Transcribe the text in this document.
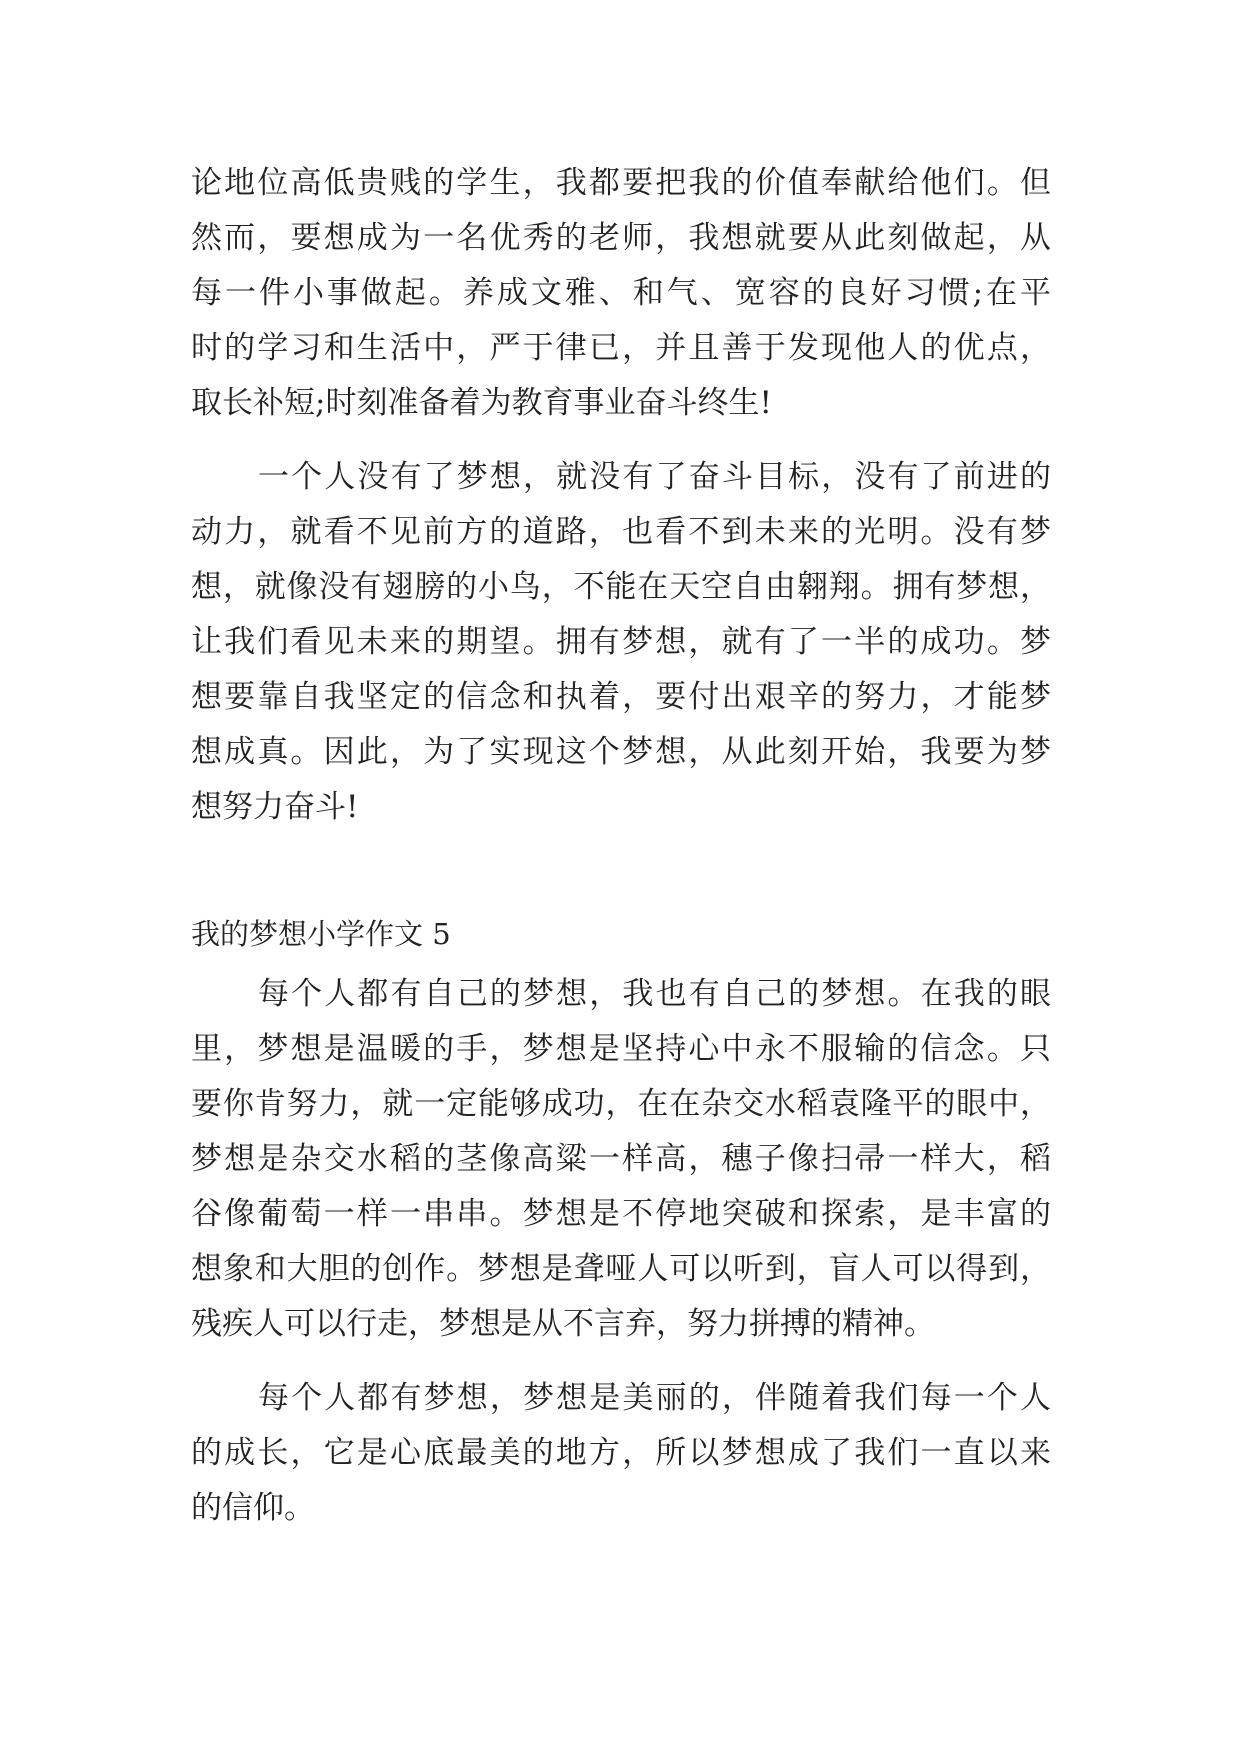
论地位高低贵贱的学生，我都要把我的价值奉献给他们。但
然而，要想成为一名优秀的老师，我想就要从此刻做起，从
每一件小事做起。养成文雅、和气、宽容的良好习惯;在平
时的学习和生活中，严于律已，并且善于发现他人的优点，
取长补短;时刻准备着为教育事业奋斗终生!
一个人没有了梦想，就没有了奋斗目标，没有了前进的
动力，就看不见前方的道路，也看不到未来的光明。没有梦
想，就像没有翅膀的小鸟，不能在天空自由翱翔。拥有梦想，
让我们看见未来的期望。拥有梦想，就有了一半的成功。梦
想要靠自我坚定的信念和执着，要付出艰辛的努力，才能梦
想成真。因此，为了实现这个梦想，从此刻开始，我要为梦
想努力奋斗!
我的梦想小学作文 5
每个人都有自己的梦想，我也有自己的梦想。在我的眼
里，梦想是温暖的手，梦想是坚持心中永不服输的信念。只
要你肯努力，就一定能够成功，在在杂交水稻袁隆平的眼中，
梦想是杂交水稻的茎像高粱一样高，穗子像扫帚一样大，稻
谷像葡萄一样一串串。梦想是不停地突破和探索，是丰富的
想象和大胆的创作。梦想是聋哑人可以听到，盲人可以得到，
残疾人可以行走，梦想是从不言弃，努力拼搏的精神。
每个人都有梦想，梦想是美丽的，伴随着我们每一个人
的成长，它是心底最美的地方，所以梦想成了我们一直以来
的信仰。
